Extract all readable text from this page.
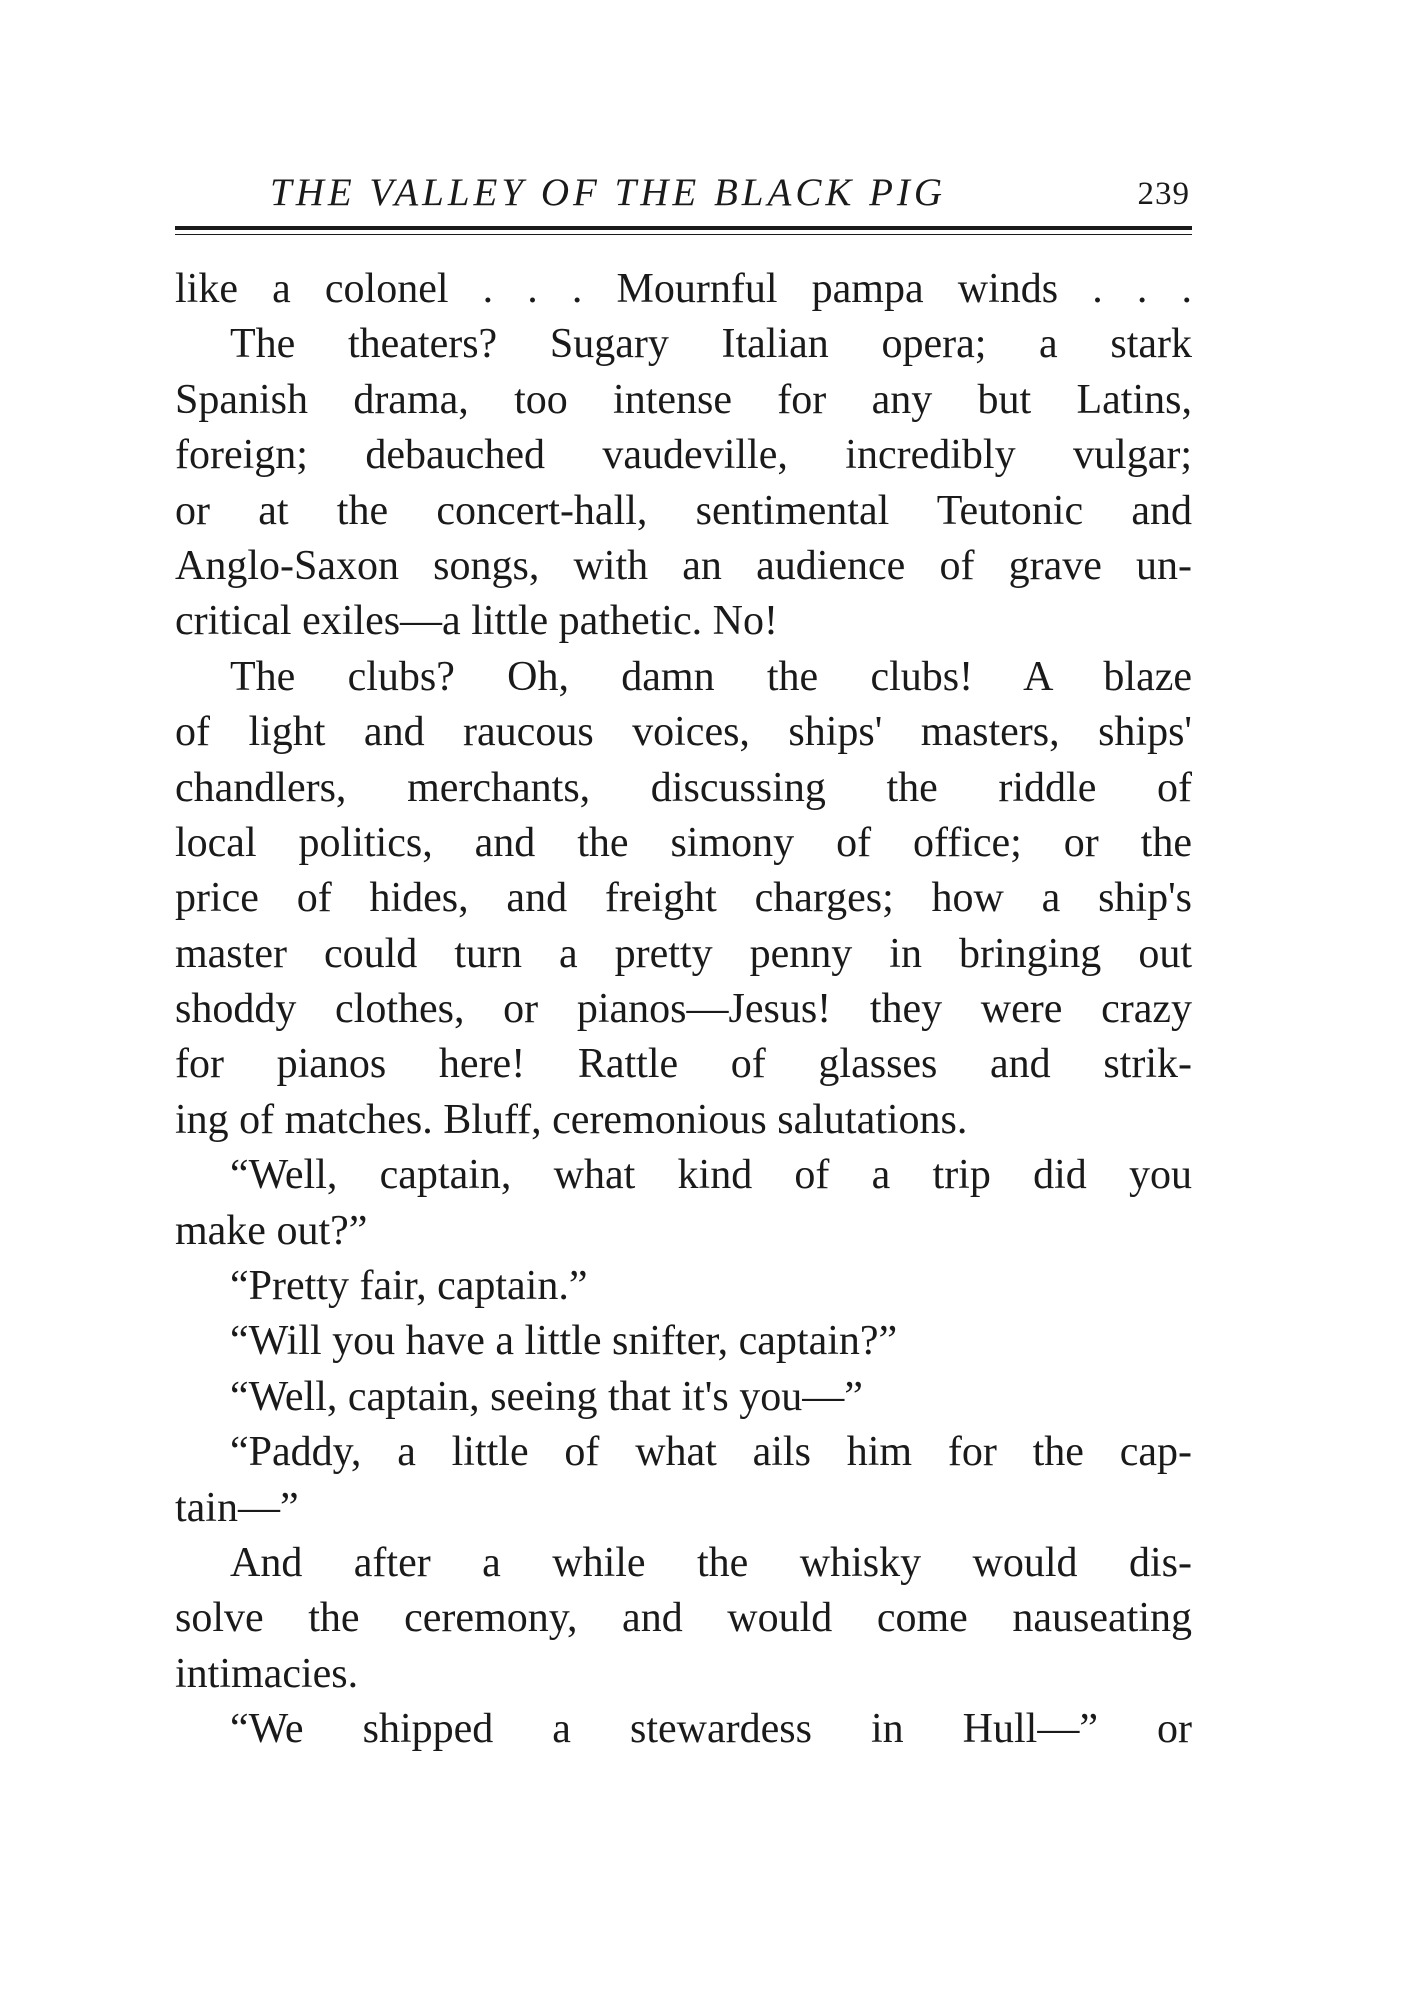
THE VALLEY OF THE BLACK PIG	239
like a colonel . . . Mournful pampa winds . . .
The theaters? Sugary Italian opera; a stark
Spanish drama, too intense for any but Latins,
foreign; debauched vaudeville, incredibly vulgar;
or at the concert-hall, sentimental Teutonic and
Anglo-Saxon songs, with an audience of grave un-
critical exiles—a little pathetic. No!
The clubs? Oh, damn the clubs! A blaze
of light and raucous voices, ships' masters, ships'
chandlers, merchants, discussing the riddle of
local politics, and the simony of office; or the
price of hides, and freight charges; how a ship's
master could turn a pretty penny in bringing out
shoddy clothes, or pianos—Jesus! they were crazy
for pianos here! Rattle of glasses and strik-
ing of matches. Bluff, ceremonious salutations.
“Well, captain, what kind of a trip did you
make out?”
“Pretty fair, captain.”
“Will you have a little snifter, captain?”
“Well, captain, seeing that it's you—”
“Paddy, a little of what ails him for the cap-
tain—”
And after a while the whisky would dis-
solve the ceremony, and would come nauseating
intimacies.
“We shipped a stewardess in Hull—” or
